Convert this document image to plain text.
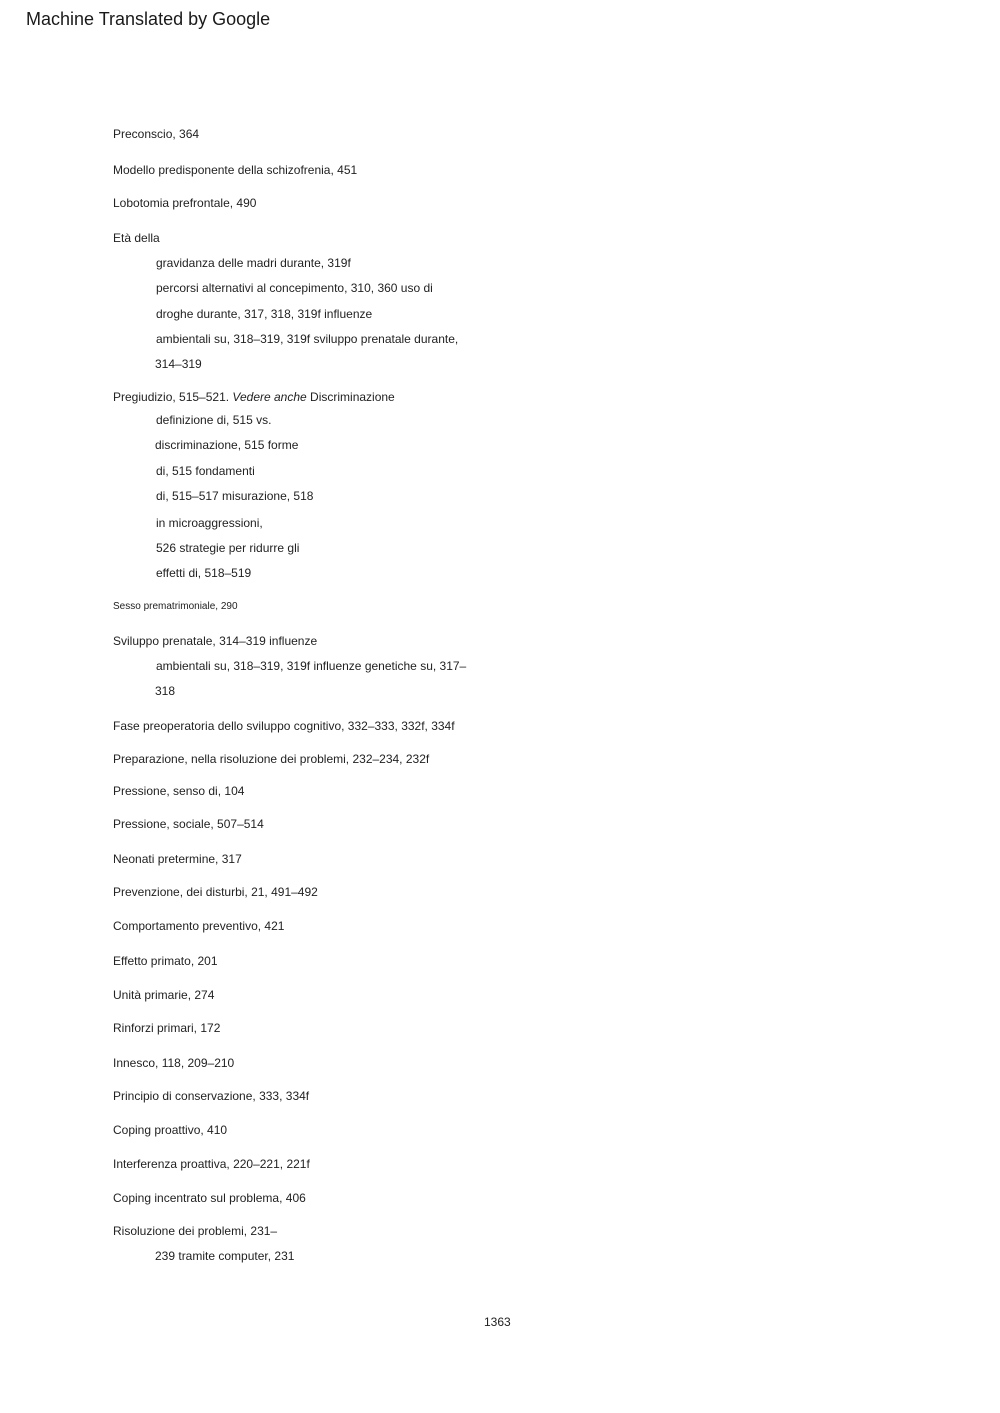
Machine Translated by Google
Preconscio, 364
Modello predisponente della schizofrenia, 451
Lobotomia prefrontale, 490
Età della
gravidanza delle madri durante, 319f
percorsi alternativi al concepimento, 310, 360 uso di
droghe durante, 317, 318, 319f influenze
ambientali su, 318–319, 319f sviluppo prenatale durante,
314–319
Pregiudizio, 515–521. Vedere anche Discriminazione
definizione di, 515 vs.
discriminazione, 515 forme
di, 515 fondamenti
di, 515–517 misurazione, 518
in microaggressioni,
526 strategie per ridurre gli
effetti di, 518–519
Sesso prematrimoniale, 290
Sviluppo prenatale, 314–319 influenze
ambientali su, 318–319, 319f influenze genetiche su, 317–
318
Fase preoperatoria dello sviluppo cognitivo, 332–333, 332f, 334f
Preparazione, nella risoluzione dei problemi, 232–234, 232f
Pressione, senso di, 104
Pressione, sociale, 507–514
Neonati pretermine, 317
Prevenzione, dei disturbi, 21, 491–492
Comportamento preventivo, 421
Effetto primato, 201
Unità primarie, 274
Rinforzi primari, 172
Innesco, 118, 209–210
Principio di conservazione, 333, 334f
Coping proattivo, 410
Interferenza proattiva, 220–221, 221f
Coping incentrato sul problema, 406
Risoluzione dei problemi, 231–
239 tramite computer, 231
1363
